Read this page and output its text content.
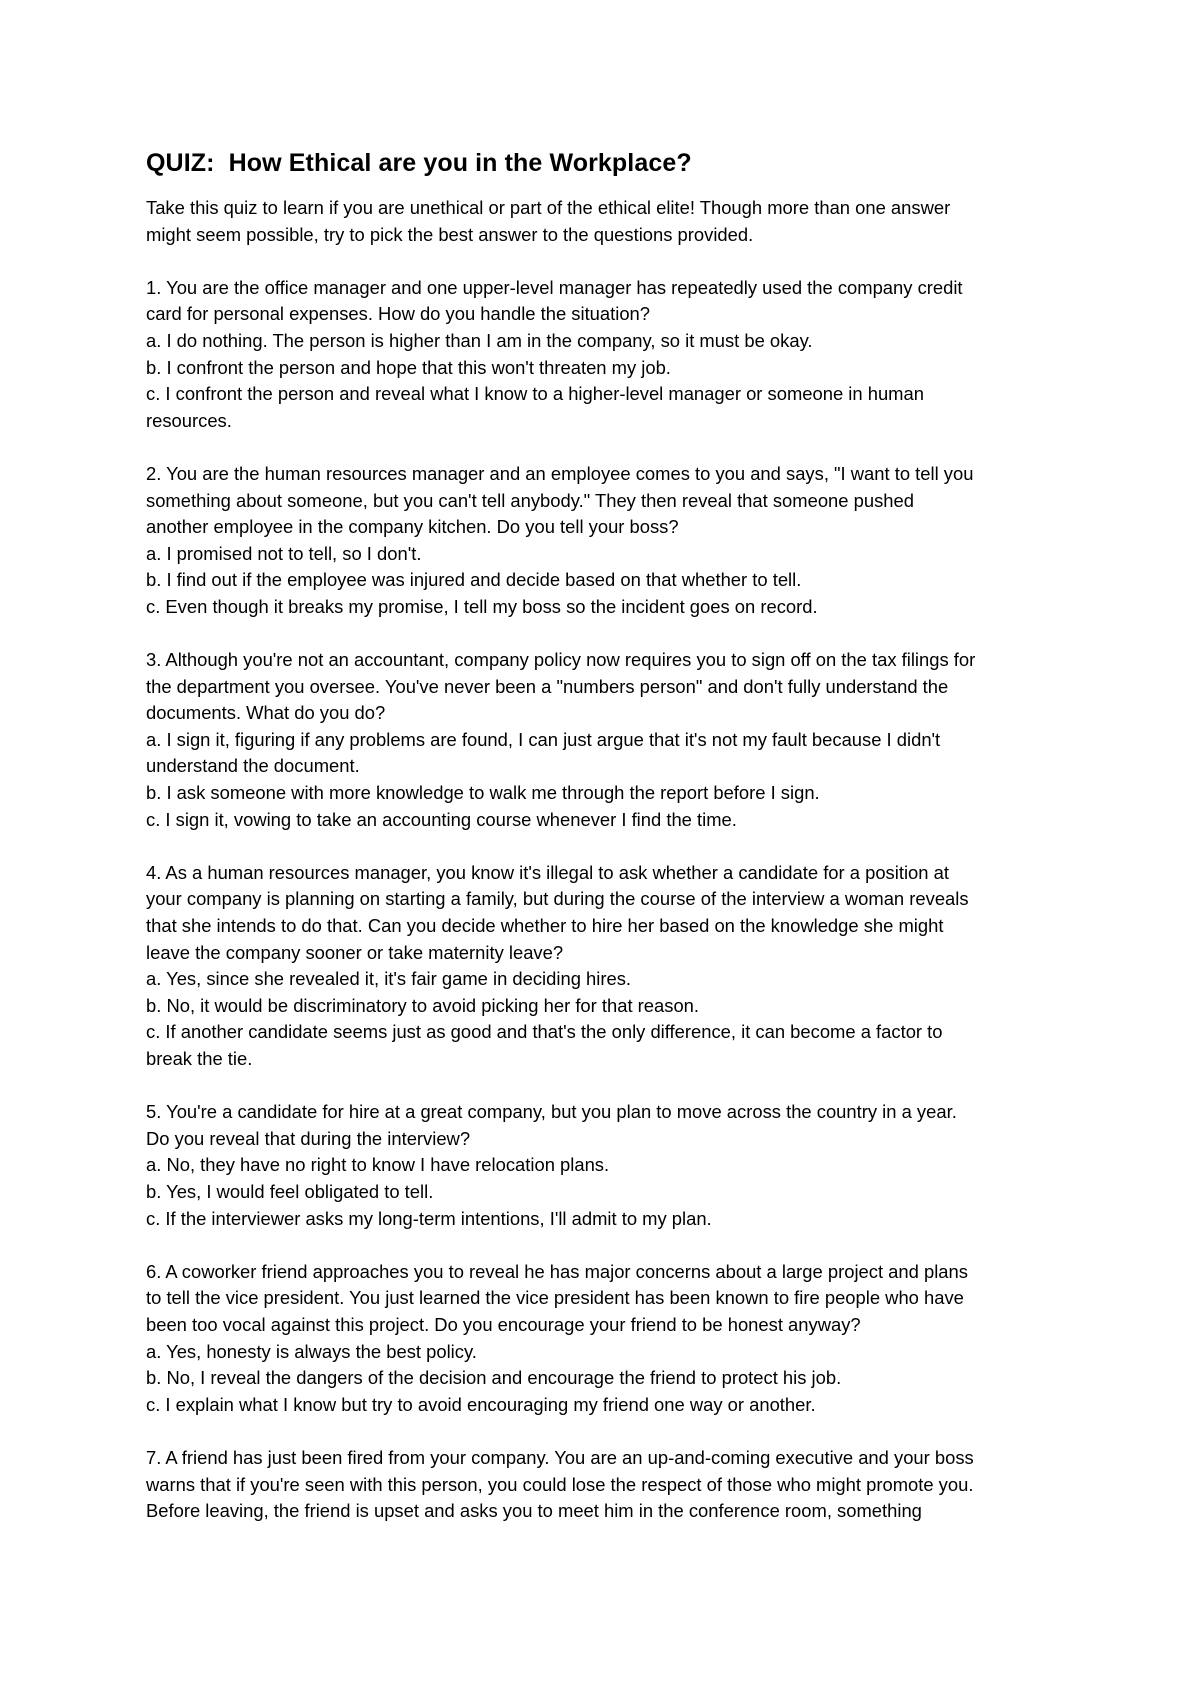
QUIZ:  How Ethical are you in the Workplace?

Take this quiz to learn if you are unethical or part of the ethical elite! Though more than one answer
might seem possible, try to pick the best answer to the questions provided.

1. You are the office manager and one upper-level manager has repeatedly used the company credit
card for personal expenses. How do you handle the situation?
a. I do nothing. The person is higher than I am in the company, so it must be okay.
b. I confront the person and hope that this won't threaten my job.
c. I confront the person and reveal what I know to a higher-level manager or someone in human
resources.

2. You are the human resources manager and an employee comes to you and says, "I want to tell you
something about someone, but you can't tell anybody." They then reveal that someone pushed
another employee in the company kitchen. Do you tell your boss?
a. I promised not to tell, so I don't.
b. I find out if the employee was injured and decide based on that whether to tell.
c. Even though it breaks my promise, I tell my boss so the incident goes on record.

3. Although you're not an accountant, company policy now requires you to sign off on the tax filings for
the department you oversee. You've never been a "numbers person" and don't fully understand the
documents. What do you do?
a. I sign it, figuring if any problems are found, I can just argue that it's not my fault because I didn't
understand the document.
b. I ask someone with more knowledge to walk me through the report before I sign.
c. I sign it, vowing to take an accounting course whenever I find the time.

4. As a human resources manager, you know it's illegal to ask whether a candidate for a position at
your company is planning on starting a family, but during the course of the interview a woman reveals
that she intends to do that. Can you decide whether to hire her based on the knowledge she might
leave the company sooner or take maternity leave?
a. Yes, since she revealed it, it's fair game in deciding hires.
b. No, it would be discriminatory to avoid picking her for that reason.
c. If another candidate seems just as good and that's the only difference, it can become a factor to
break the tie.

5. You're a candidate for hire at a great company, but you plan to move across the country in a year.
Do you reveal that during the interview?
a. No, they have no right to know I have relocation plans.
b. Yes, I would feel obligated to tell.
c. If the interviewer asks my long-term intentions, I'll admit to my plan.

6. A coworker friend approaches you to reveal he has major concerns about a large project and plans
to tell the vice president. You just learned the vice president has been known to fire people who have
been too vocal against this project. Do you encourage your friend to be honest anyway?
a. Yes, honesty is always the best policy.
b. No, I reveal the dangers of the decision and encourage the friend to protect his job.
c. I explain what I know but try to avoid encouraging my friend one way or another.

7. A friend has just been fired from your company. You are an up-and-coming executive and your boss
warns that if you're seen with this person, you could lose the respect of those who might promote you.
Before leaving, the friend is upset and asks you to meet him in the conference room, something
